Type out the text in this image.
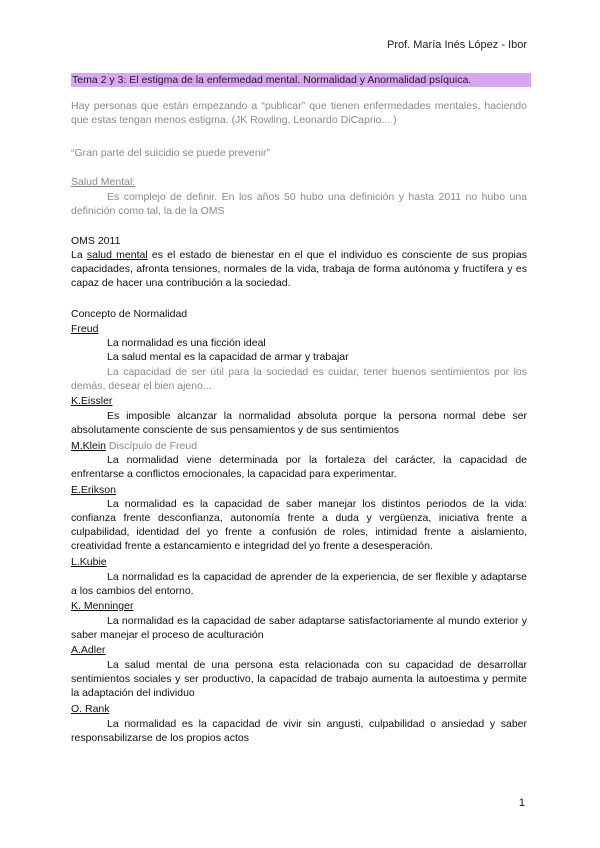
Prof. María Inés López - Ibor
Tema 2 y 3: El estigma de la enfermedad mental. Normalidad y Anormalidad psíquica.
Hay personas que están empezando a “publicar” que tienen enfermedades mentales, haciendo que estas tengan menos estigma. (JK Rowling, Leonardo DiCaprio... )
“Gran parte del suicidio se puede prevenir”
Salud Mental:
Es complejo de definir. En los años 50 hubo una definición y hasta 2011 no hubo una definición como tal, la de la OMS
OMS 2011
La salud mental es el estado de bienestar en el que el individuo es consciente de sus propias capacidades, afronta tensiones, normales de la vida, trabaja de forma autónoma y fructífera y es capaz de hacer una contribución a la sociedad.
Concepto de Normalidad
Freud
La normalidad es una ficción ideal
La salud mental es la capacidad de armar y trabajar
La capacidad de ser útil para la sociedad es cuidar, tener buenos sentimientos por los demás, desear el bien ajeno...
K.Eissler
Es imposible alcanzar la normalidad absoluta porque la persona normal debe ser absolutamente consciente de sus pensamientos y de sus sentimientos
M.Klein Discípulo de Freud
La normalidad viene determinada por la fortaleza del carácter, la capacidad de enfrentarse a conflictos emocionales, la capacidad para experimentar.
E.Erikson
La normalidad es la capacidad de saber manejar los distintos periodos de la vida: confianza frente desconfianza, autonomía frente a duda y vergüenza, iniciativa frente a culpabilidad, identidad del yo frente a confusión de roles, intimidad frente a aislamiento, creatividad frente a estancamiento e integridad del yo frente a desesperación.
L.Kubie
La normalidad es la capacidad de aprender de la experiencia, de ser flexible y adaptarse a los cambios del entorno.
K. Menninger
La normalidad es la capacidad de saber adaptarse satisfactoriamente al mundo exterior y saber manejar el proceso de aculturación
A.Adler
La salud mental de una persona esta relacionada con su capacidad de desarrollar sentimientos sociales y ser productivo, la capacidad de trabajo aumenta la autoestima y permite la adaptación del individuo
O. Rank
La normalidad es la capacidad de vivir sin angusti, culpabilidad o ansiedad y saber responsabilizarse de los propios actos
1
